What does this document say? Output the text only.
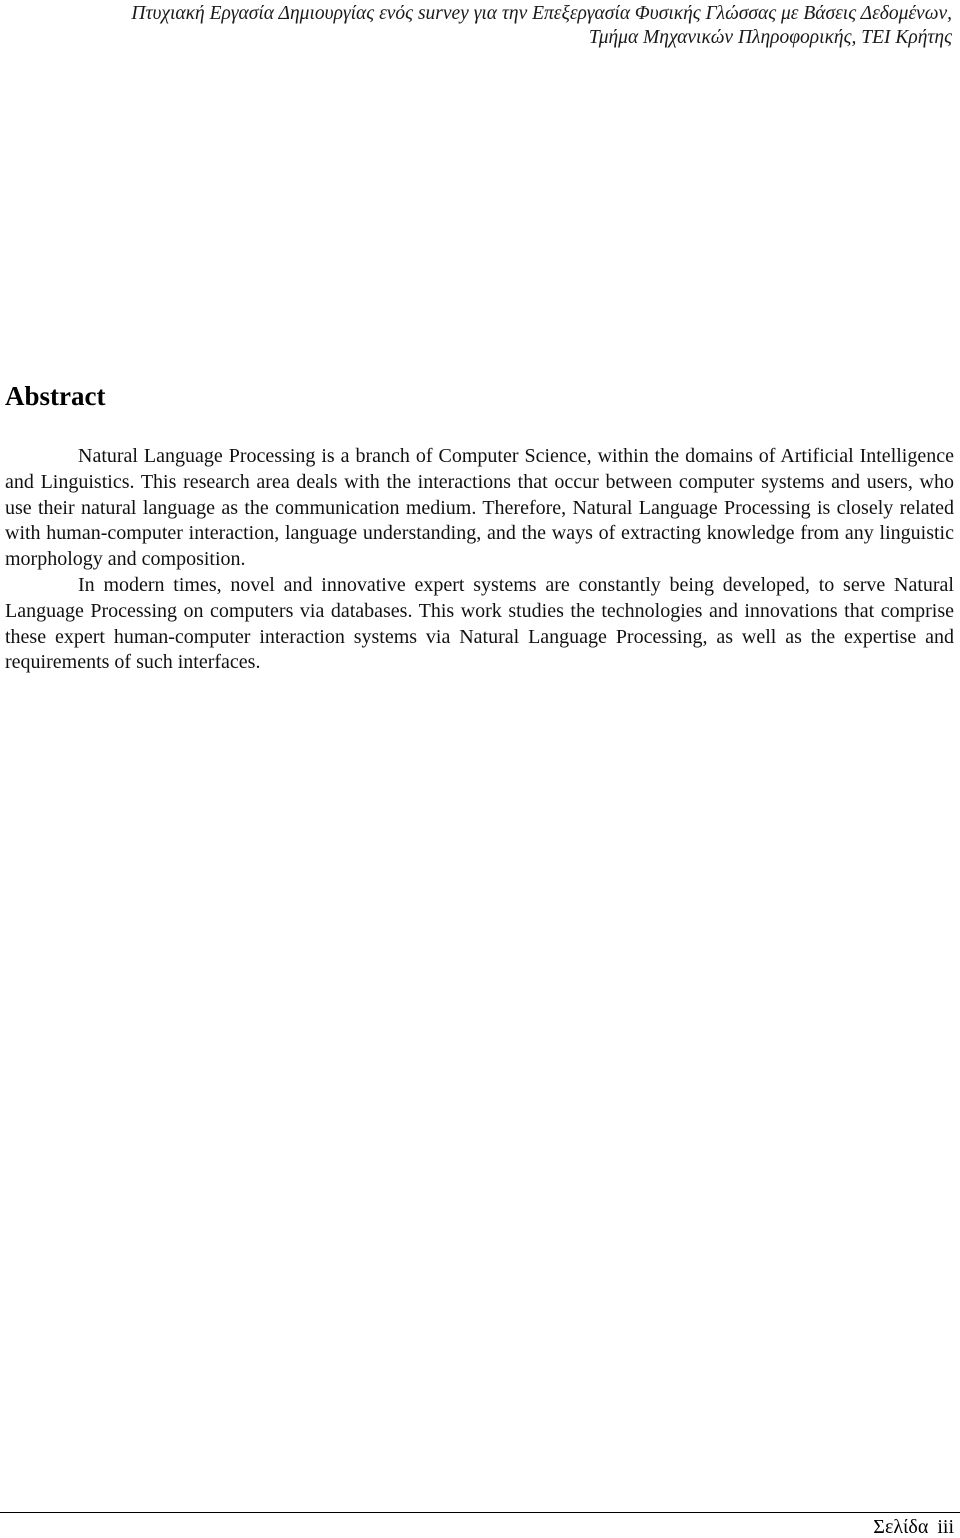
Πτυχιακή Εργασία Δημιουργίας ενός survey για την Επεξεργασία Φυσικής Γλώσσας με Βάσεις Δεδομένων,
Τμήμα Μηχανικών Πληροφορικής, ΤΕΙ Κρήτης
Abstract

Natural Language Processing is a branch of Computer Science, within the domains of Artificial Intelligence and Linguistics. This research area deals with the interactions that occur between computer systems and users, who use their natural language as the communication medium. Therefore, Natural Language Processing is closely related with human-computer interaction, language understanding, and the ways of extracting knowledge from any linguistic morphology and composition.

In modern times, novel and innovative expert systems are constantly being developed, to serve Natural Language Processing on computers via databases. This work studies the technologies and innovations that comprise these expert human-computer interaction systems via Natural Language Processing, as well as the expertise and requirements of such interfaces.

Σελίδα iii
